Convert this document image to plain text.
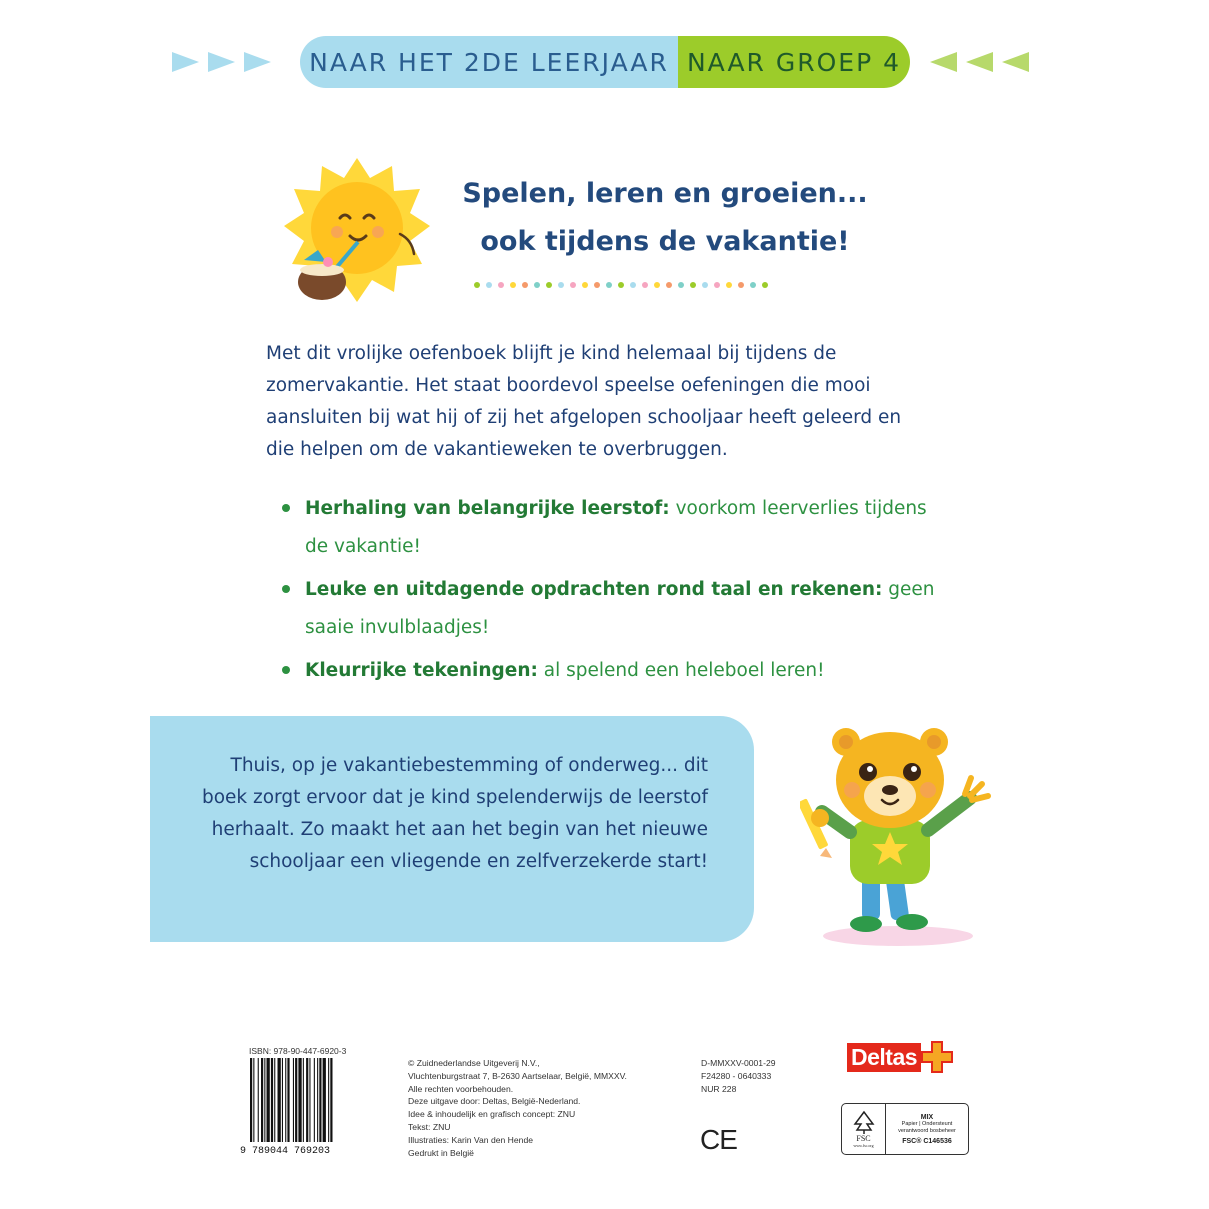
NAAR HET 2DE LEERJAAR NAAR GROEP 4
Spelen, leren en groeien...
ook tijdens de vakantie!

Met dit vrolijke oefenboek blijft je kind helemaal bij tijdens de zomervakantie. Het staat boordevol speelse oefeningen die mooi aansluiten bij wat hij of zij het afgelopen schooljaar heeft geleerd en die helpen om de vakantieweken te overbruggen.

Herhaling van belangrijke leerstof: voorkom leerverlies tijdens de vakantie!
Leuke en uitdagende opdrachten rond taal en rekenen: geen saaie invulblaadjes!
Kleurrijke tekeningen: al spelend een heleboel leren!

Thuis, op je vakantiebestemming of onderweg... dit boek zorgt ervoor dat je kind spelenderwijs de leerstof herhaalt. Zo maakt het aan het begin van het nieuwe schooljaar een vliegende en zelfverzekerde start!

ISBN: 978-90-447-6920-3
9 789044 769203
© Zuidnederlandse Uitgeverij N.V.,
Vluchtenburgstraat 7, B-2630 Aartselaar, België, MMXXV.
Alle rechten voorbehouden.
Deze uitgave door: Deltas, België-Nederland.
Idee & inhoudelijk en grafisch concept: ZNU
Tekst: ZNU
Illustraties: Karin Van den Hende
Gedrukt in België
D-MMXXV-0001-29
F24280 - 0640333
NUR 228
CE
Deltas
FSC
www.fsc.org
MIX
Papier | Ondersteunt
verantwoord bosbeheer
FSC® C146536
